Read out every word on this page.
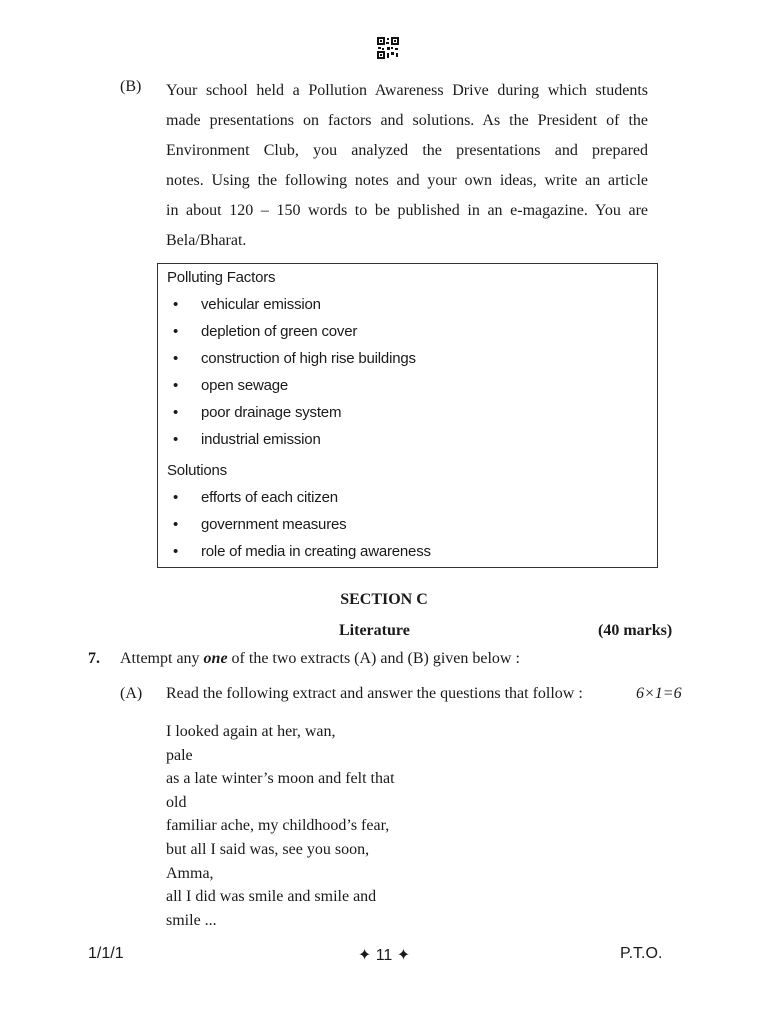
(B) Your school held a Pollution Awareness Drive during which students
made presentations on factors and solutions. As the President of the
Environment Club, you analyzed the presentations and prepared
notes. Using the following notes and your own ideas, write an article
in about 120 – 150 words to be published in an e-magazine. You are
Bela/Bharat.
Polluting Factors
• vehicular emission
• depletion of green cover
• construction of high rise buildings
• open sewage
• poor drainage system
• industrial emission
Solutions
• efforts of each citizen
• government measures
• role of media in creating awareness
SECTION C
Literature	(40 marks)
7. Attempt any one of the two extracts (A) and (B) given below :
(A) Read the following extract and answer the questions that follow :	6×1=6
I looked again at her, wan,
pale
as a late winter’s moon and felt that
old
familiar ache, my childhood’s fear,
but all I said was, see you soon,
Amma,
all I did was smile and smile and
smile ...
1/1/1	✦ 11 ✦	P.T.O.
